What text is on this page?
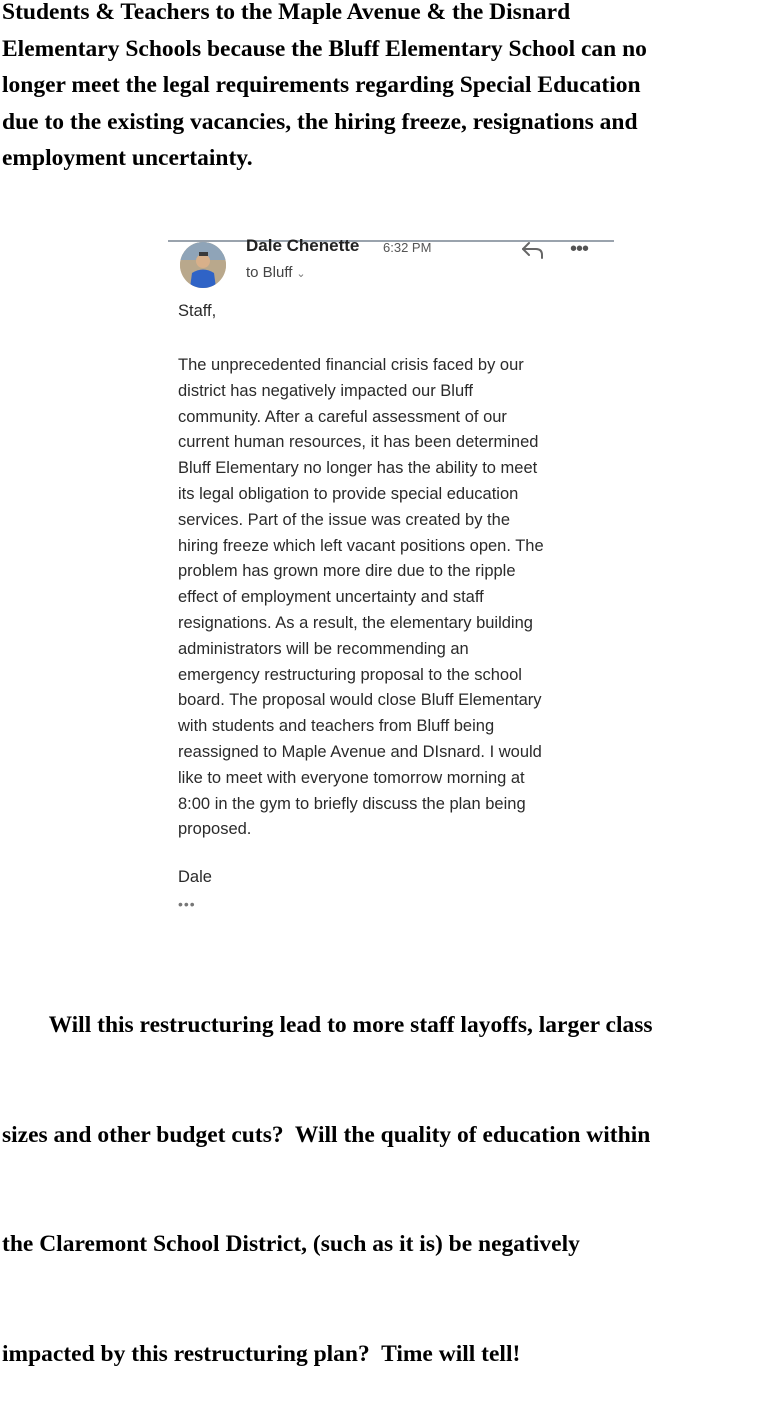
Students & Teachers to the Maple Avenue & the Disnard
Elementary Schools because the Bluff Elementary School can no
longer meet the legal requirements regarding Special Education
due to the existing vacancies, the hiring freeze, resignations and
employment uncertainty.
Dale Chenette 6:32 PM
to Bluff ⌄
•••
Staff,
The unprecedented financial crisis faced by our
district has negatively impacted our Bluff
community. After a careful assessment of our
current human resources, it has been determined
Bluff Elementary no longer has the ability to meet
its legal obligation to provide special education
services. Part of the issue was created by the
hiring freeze which left vacant positions open. The
problem has grown more dire due to the ripple
effect of employment uncertainty and staff
resignations. As a result, the elementary building
administrators will be recommending an
emergency restructuring proposal to the school
board. The proposal would close Bluff Elementary
with students and teachers from Bluff being
reassigned to Maple Avenue and DIsnard. I would
like to meet with everyone tomorrow morning at
8:00 in the gym to briefly discuss the plan being
proposed.
Dale
•••

Will this restructuring lead to more staff layoffs, larger class

sizes and other budget cuts?  Will the quality of education within

the Claremont School District, (such as it is) be negatively

impacted by this restructuring plan?  Time will tell!
